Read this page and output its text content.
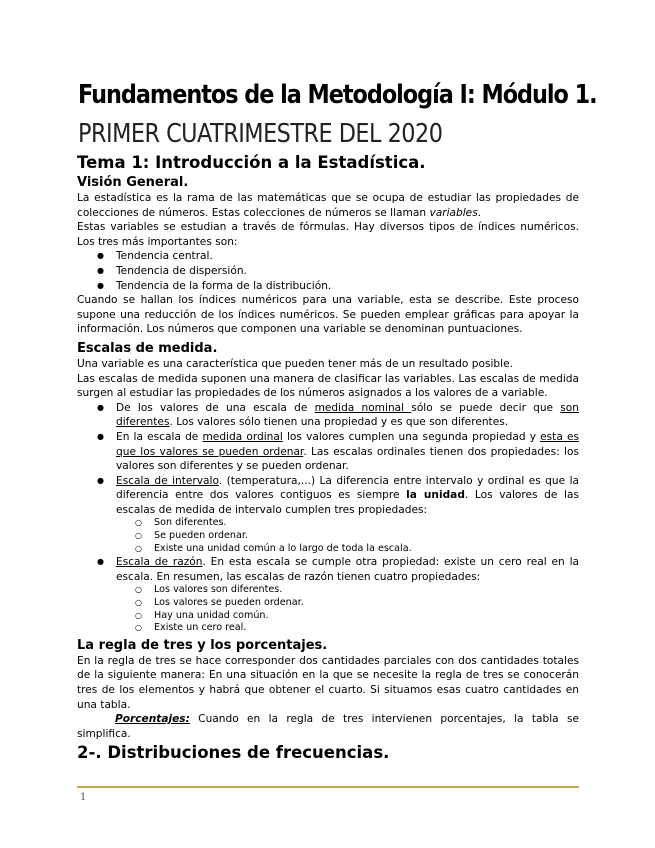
Fundamentos de la Metodología I: Módulo 1.
PRIMER CUATRIMESTRE DEL 2020
Tema 1: Introducción a la Estadística.
Visión General.

La estadística es la rama de las matemáticas que se ocupa de estudiar las propiedades de colecciones de números. Estas colecciones de números se llaman variables.

Estas variables se estudian a través de fórmulas. Hay diversos tipos de índices numéricos. Los tres más importantes son:

● Tendencia central.
● Tendencia de dispersión.
● Tendencia de la forma de la distribución.

Cuando se hallan los índices numéricos para una variable, esta se describe. Este proceso supone una reducción de los índices numéricos. Se pueden emplear gráficas para apoyar la información. Los números que componen una variable se denominan puntuaciones.

Escalas de medida.

Una variable es una característica que pueden tener más de un resultado posible.

Las escalas de medida suponen una manera de clasificar las variables. Las escalas de medida surgen al estudiar las propiedades de los números asignados a los valores de a variable.

● De los valores de una escala de medida nominal sólo se puede decir que son diferentes. Los valores sólo tienen una propiedad y es que son diferentes.
● En la escala de medida ordinal los valores cumplen una segunda propiedad y esta es que los valores se pueden ordenar. Las escalas ordinales tienen dos propiedades: los valores son diferentes y se pueden ordenar.
● Escala de intervalo. (temperatura,...) La diferencia entre intervalo y ordinal es que la diferencia entre dos valores contiguos es siempre la unidad. Los valores de las escalas de medida de intervalo cumplen tres propiedades:
○ Son diferentes.
○ Se pueden ordenar.
○ Existe una unidad común a lo largo de toda la escala.
● Escala de razón. En esta escala se cumple otra propiedad: existe un cero real en la escala. En resumen, las escalas de razón tienen cuatro propiedades:
○ Los valores son diferentes.
○ Los valores se pueden ordenar.
○ Hay una unidad común.
○ Existe un cero real.
La regla de tres y los porcentajes.

En la regla de tres se hace corresponder dos cantidades parciales con dos cantidades totales de la siguiente manera: En una situación en la que se necesite la regla de tres se conocerán tres de los elementos y habrá que obtener el cuarto. Si situamos esas cuatro cantidades en una tabla.

Porcentajes: Cuando en la regla de tres intervienen porcentajes, la tabla se simplifica.

2-. Distribuciones de frecuencias.
1
